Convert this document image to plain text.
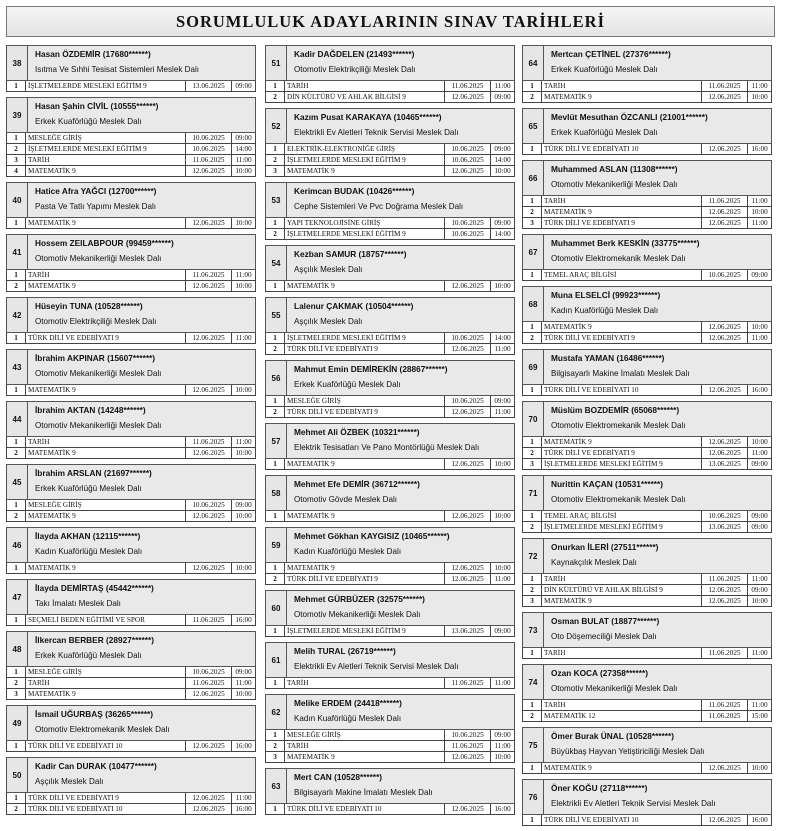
SORUMLULUK ADAYLARININ SINAV TARİHLERİ
38
Hasan ÖZDEMİR (17680******)
Isıtma Ve Sıhhi Tesisat Sistemleri Meslek Dalı
1	İŞLETMELERDE MESLEKİ EĞİTİM 9	13.06.2025	09:00
39
Hasan Şahin CİVİL (10555******)
Erkek Kuaförlüğü Meslek Dalı
1	MESLEĞE GİRİŞ	10.06.2025	09:00
2	İŞLETMELERDE MESLEKİ EĞİTİM 9	10.06.2025	14:00
3	TARİH	11.06.2025	11:00
4	MATEMATİK 9	12.06.2025	10:00
40
Hatice Afra YAĞCI (12700******)
Pasta Ve Tatlı Yapımı Meslek Dalı
1	MATEMATİK 9	12.06.2025	10:00
41
Hossem ZEILABPOUR (99459******)
Otomotiv Mekanikerliği Meslek Dalı
1	TARİH	11.06.2025	11:00
2	MATEMATİK 9	12.06.2025	10:00
42
Hüseyin TUNA (10528******)
Otomotiv Elektrikçiliği Meslek Dalı
1	TÜRK DİLİ VE EDEBİYATI 9	12.06.2025	11:00
43
İbrahim AKPINAR (15607******)
Otomotiv Mekanikerliği Meslek Dalı
1	MATEMATİK 9	12.06.2025	10:00
44
İbrahim AKTAN (14248******)
Otomotiv Mekanikerliği Meslek Dalı
1	TARİH	11.06.2025	11:00
2	MATEMATİK 9	12.06.2025	10:00
45
İbrahim ARSLAN (21697******)
Erkek Kuaförlüğü Meslek Dalı
1	MESLEĞE GİRİŞ	10.06.2025	09:00
2	MATEMATİK 9	12.06.2025	10:00
46
İlayda AKHAN (12115******)
Kadın Kuaförlüğü Meslek Dalı
1	MATEMATİK 9	12.06.2025	10:00
47
İlayda DEMİRTAŞ (45442******)
Takı İmalatı Meslek Dalı
1	SEÇMELİ BEDEN EĞİTİMİ VE SPOR	11.06.2025	16:00
48
İlkercan BERBER (28927******)
Erkek Kuaförlüğü Meslek Dalı
1	MESLEĞE GİRİŞ	10.06.2025	09:00
2	TARİH	11.06.2025	11:00
3	MATEMATİK 9	12.06.2025	10:00
49
İsmail UĞURBAŞ (36265******)
Otomotiv Elektromekanik Meslek Dalı
1	TÜRK DİLİ VE EDEBİYATI 10	12.06.2025	16:00
50
Kadir Can DURAK (10477******)
Aşçılık Meslek Dalı
1	TÜRK DİLİ VE EDEBİYATI 9	12.06.2025	11:00
2	TÜRK DİLİ VE EDEBİYATI 10	12.06.2025	16:00
51
Kadir DAĞDELEN (21493******)
Otomotiv Elektrikçiliği Meslek Dalı
1	TARİH	11.06.2025	11:00
2	DİN KÜLTÜRÜ VE AHLAK BİLGİSİ 9	12.06.2025	09:00
52
Kazım Pusat KARAKAYA (10465******)
Elektrikli Ev Aletleri Teknik Servisi Meslek Dalı
1	ELEKTRİK-ELEKTRONİĞE GİRİŞ	10.06.2025	09:00
2	İŞLETMELERDE MESLEKİ EĞİTİM 9	10.06.2025	14:00
3	MATEMATİK 9	12.06.2025	10:00
53
Kerimcan BUDAK (10426******)
Cephe Sistemleri Ve Pvc Doğrama Meslek Dalı
1	YAPI TEKNOLOJİSİNE GİRİŞ	10.06.2025	09:00
2	İŞLETMELERDE MESLEKİ EĞİTİM 9	10.06.2025	14:00
54
Kezban SAMUR (18757******)
Aşçılık Meslek Dalı
1	MATEMATİK 9	12.06.2025	10:00
55
Lalenur ÇAKMAK (10504******)
Aşçılık Meslek Dalı
1	İŞLETMELERDE MESLEKİ EĞİTİM 9	10.06.2025	14:00
2	TÜRK DİLİ VE EDEBİYATI 9	12.06.2025	11:00
56
Mahmut Emin DEMİREKİN (28867******)
Erkek Kuaförlüğü Meslek Dalı
1	MESLEĞE GİRİŞ	10.06.2025	09:00
2	TÜRK DİLİ VE EDEBİYATI 9	12.06.2025	11:00
57
Mehmet Ali ÖZBEK (10321******)
Elektrik Tesisatları Ve Pano Montörlüğü Meslek Dalı
1	MATEMATİK 9	12.06.2025	10:00
58
Mehmet Efe DEMİR (36712******)
Otomotiv Gövde Meslek Dalı
1	MATEMATİK 9	12.06.2025	10:00
59
Mehmet Gökhan KAYGISIZ (10465******)
Kadın Kuaförlüğü Meslek Dalı
1	MATEMATİK 9	12.06.2025	10:00
2	TÜRK DİLİ VE EDEBİYATI 9	12.06.2025	11:00
60
Mehmet GÜRBÜZER (32575******)
Otomotiv Mekanikerliği Meslek Dalı
1	İŞLETMELERDE MESLEKİ EĞİTİM 9	13.06.2025	09:00
61
Melih TURAL (26719******)
Elektrikli Ev Aletleri Teknik Servisi Meslek Dalı
1	TARİH	11.06.2025	11:00
62
Melike ERDEM (24418******)
Kadın Kuaförlüğü Meslek Dalı
1	MESLEĞE GİRİŞ	10.06.2025	09:00
2	TARİH	11.06.2025	11:00
3	MATEMATİK 9	12.06.2025	10:00
63
Mert CAN (10528******)
Bilgisayarlı Makine İmalatı Meslek Dalı
1	TÜRK DİLİ VE EDEBİYATI 10	12.06.2025	16:00
64
Mertcan ÇETİNEL (27376******)
Erkek Kuaförlüğü Meslek Dalı
1	TARİH	11.06.2025	11:00
2	MATEMATİK 9	12.06.2025	10:00
65
Mevlüt Mesuthan ÖZCANLI (21001******)
Erkek Kuaförlüğü Meslek Dalı
1	TÜRK DİLİ VE EDEBİYATI 10	12.06.2025	16:00
66
Muhammed ASLAN (11308******)
Otomotiv Mekanikerliği Meslek Dalı
1	TARİH	11.06.2025	11:00
2	MATEMATİK 9	12.06.2025	10:00
3	TÜRK DİLİ VE EDEBİYATI 9	12.06.2025	11:00
67
Muhammet Berk KESKİN (33775******)
Otomotiv Elektromekanik Meslek Dalı
1	TEMEL ARAÇ BİLGİSİ	10.06.2025	09:00
68
Muna ELSELCİ (99923******)
Kadın Kuaförlüğü Meslek Dalı
1	MATEMATİK 9	12.06.2025	10:00
2	TÜRK DİLİ VE EDEBİYATI 9	12.06.2025	11:00
69
Mustafa YAMAN (16486******)
Bilgisayarlı Makine İmalatı Meslek Dalı
1	TÜRK DİLİ VE EDEBİYATI 10	12.06.2025	16:00
70
Müslüm BOZDEMİR (65068******)
Otomotiv Elektromekanik Meslek Dalı
1	MATEMATİK 9	12.06.2025	10:00
2	TÜRK DİLİ VE EDEBİYATI 9	12.06.2025	11:00
3	İŞLETMELERDE MESLEKİ EĞİTİM 9	13.06.2025	09:00
71
Nurittin KAÇAN (10531******)
Otomotiv Elektromekanik Meslek Dalı
1	TEMEL ARAÇ BİLGİSİ	10.06.2025	09:00
2	İŞLETMELERDE MESLEKİ EĞİTİM 9	13.06.2025	09:00
72
Onurkan İLERİ (27511******)
Kaynakçılık Meslek Dalı
1	TARİH	11.06.2025	11:00
2	DİN KÜLTÜRÜ VE AHLAK BİLGİSİ 9	12.06.2025	09:00
3	MATEMATİK 9	12.06.2025	10:00
73
Osman BULAT (18877******)
Oto Döşemeciliği Meslek Dalı
1	TARİH	11.06.2025	11:00
74
Ozan KOCA (27358******)
Otomotiv Mekanikerliği Meslek Dalı
1	TARİH	11.06.2025	11:00
2	MATEMATİK 12	11.06.2025	15:00
75
Ömer Burak ÜNAL (10528******)
Büyükbaş Hayvan Yetiştiriciliği Meslek Dalı
1	MATEMATİK 9	12.06.2025	10:00
76
Öner KOĞU (27118******)
Elektrikli Ev Aletleri Teknik Servisi Meslek Dalı
1	TÜRK DİLİ VE EDEBİYATI 10	12.06.2025	16:00
